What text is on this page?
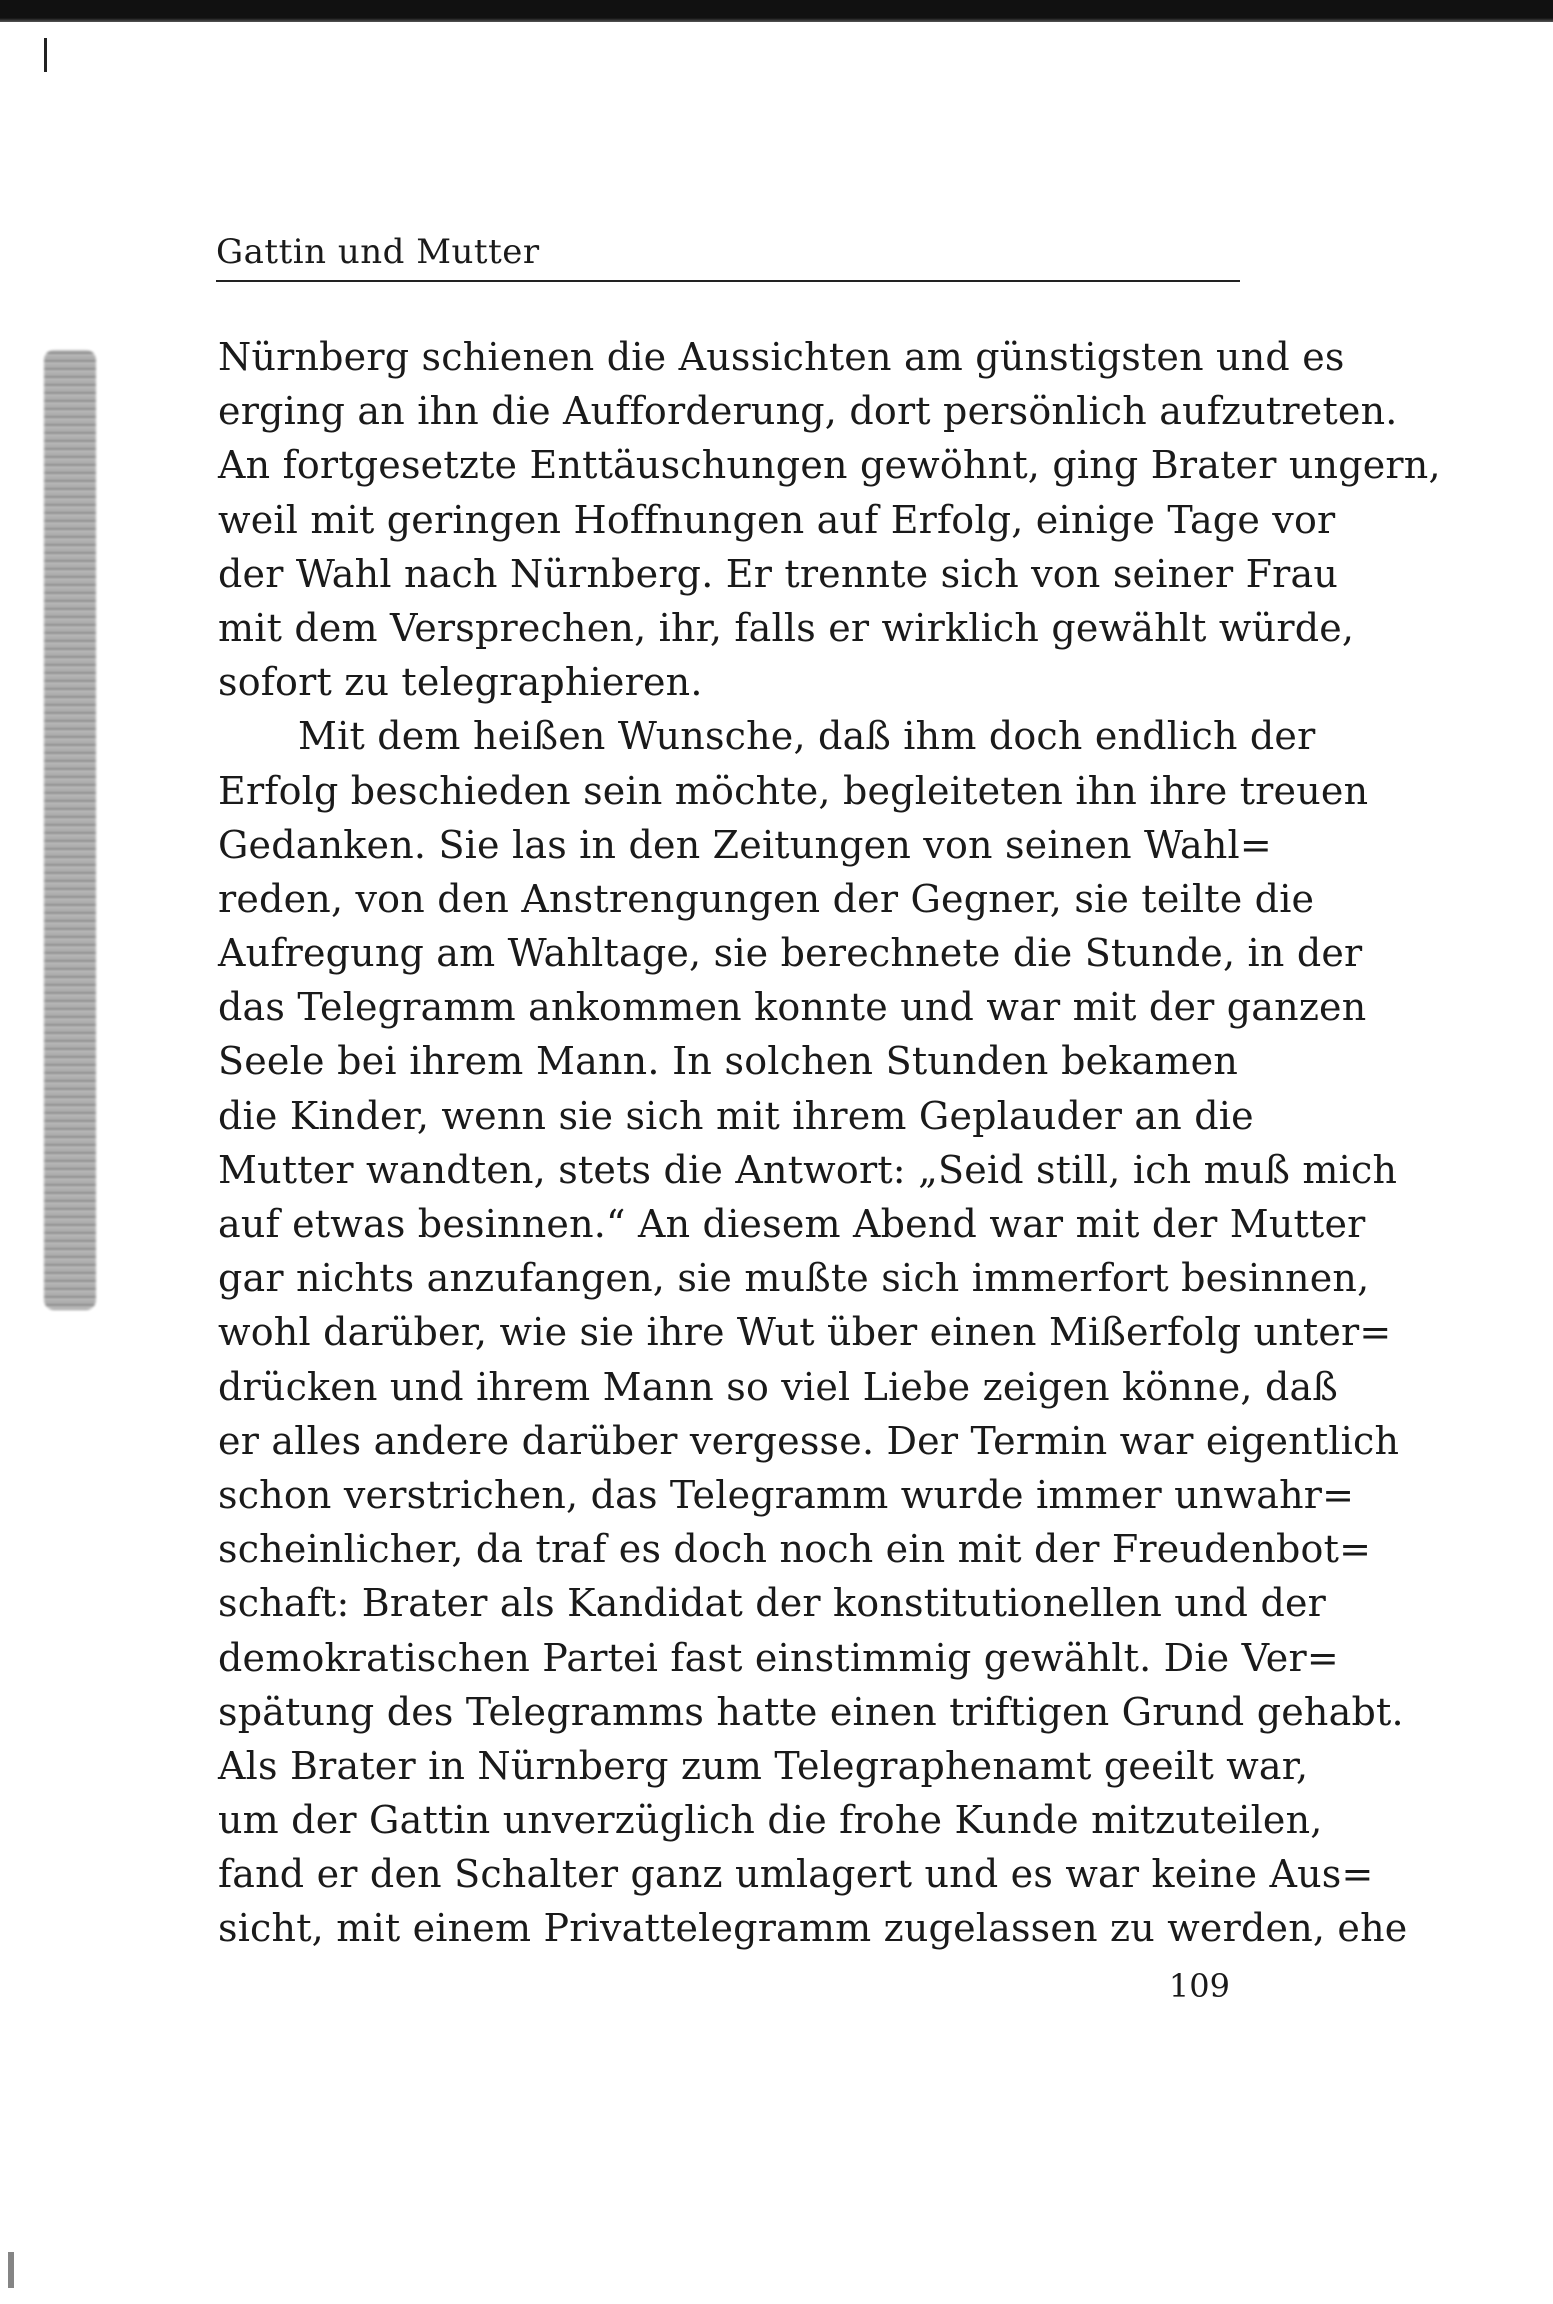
Gattin und Mutter
Nürnberg schienen die Aussichten am günstigsten und es
erging an ihn die Aufforderung, dort persönlich aufzutreten.
An fortgesetzte Enttäuschungen gewöhnt, ging Brater ungern,
weil mit geringen Hoffnungen auf Erfolg, einige Tage vor
der Wahl nach Nürnberg. Er trennte sich von seiner Frau
mit dem Versprechen, ihr, falls er wirklich gewählt würde,
sofort zu telegraphieren.
Mit dem heißen Wunsche, daß ihm doch endlich der
Erfolg beschieden sein möchte, begleiteten ihn ihre treuen
Gedanken. Sie las in den Zeitungen von seinen Wahl=
reden, von den Anstrengungen der Gegner, sie teilte die
Aufregung am Wahltage, sie berechnete die Stunde, in der
das Telegramm ankommen konnte und war mit der ganzen
Seele bei ihrem Mann. In solchen Stunden bekamen
die Kinder, wenn sie sich mit ihrem Geplauder an die
Mutter wandten, stets die Antwort: „Seid still, ich muß mich
auf etwas besinnen.“ An diesem Abend war mit der Mutter
gar nichts anzufangen, sie mußte sich immerfort besinnen,
wohl darüber, wie sie ihre Wut über einen Mißerfolg unter=
drücken und ihrem Mann so viel Liebe zeigen könne, daß
er alles andere darüber vergesse. Der Termin war eigentlich
schon verstrichen, das Telegramm wurde immer unwahr=
scheinlicher, da traf es doch noch ein mit der Freudenbot=
schaft: Brater als Kandidat der konstitutionellen und der
demokratischen Partei fast einstimmig gewählt. Die Ver=
spätung des Telegramms hatte einen triftigen Grund gehabt.
Als Brater in Nürnberg zum Telegraphenamt geeilt war,
um der Gattin unverzüglich die frohe Kunde mitzuteilen,
fand er den Schalter ganz umlagert und es war keine Aus=
sicht, mit einem Privattelegramm zugelassen zu werden, ehe
109
